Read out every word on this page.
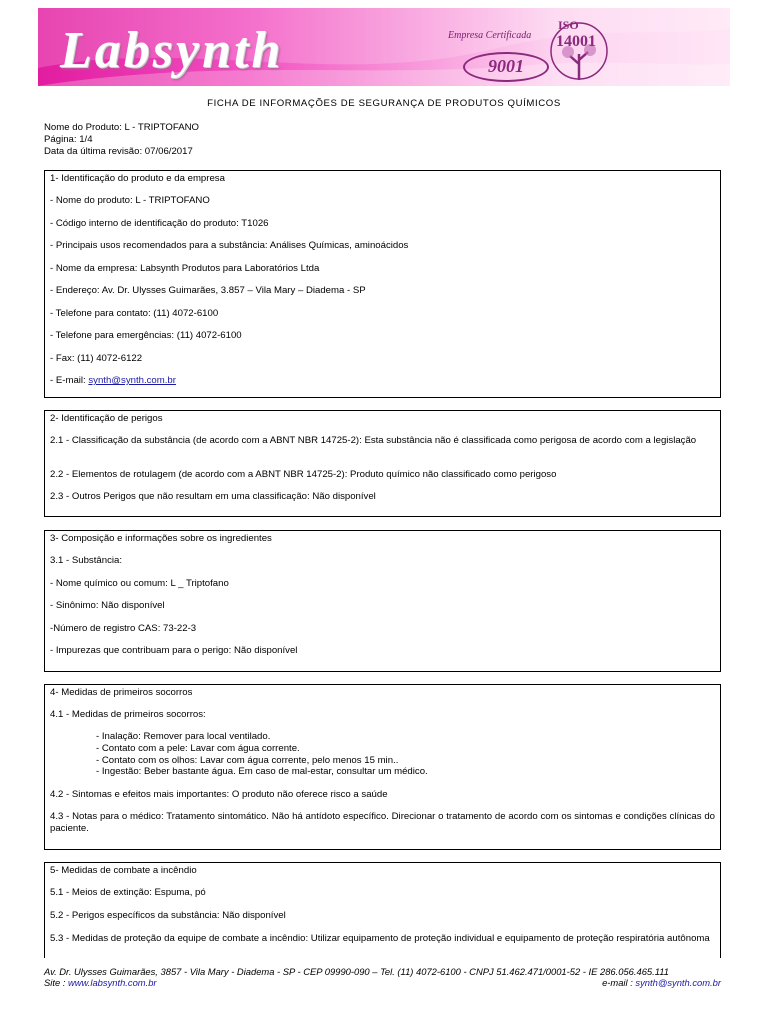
Labsynth	Empresa Certificada
9001
ISO
14001
FICHA DE INFORMAÇÕES DE SEGURANÇA DE PRODUTOS QUÍMICOS
Nome do Produto: L - TRIPTOFANO
Página: 1/4
Data da última revisão: 07/06/2017
1- Identificação do produto e da empresa
- Nome do produto: L - TRIPTOFANO
- Código interno de identificação do produto: T1026
- Principais usos recomendados para a substância: Análises Químicas, aminoácidos
- Nome da empresa: Labsynth Produtos para Laboratórios Ltda
- Endereço: Av. Dr. Ulysses Guimarães, 3.857 – Vila Mary – Diadema - SP
- Telefone para contato: (11) 4072-6100
- Telefone para emergências: (11) 4072-6100
- Fax: (11) 4072-6122
- E-mail: synth@synth.com.br
2- Identificação de perigos
2.1 - Classificação da substância (de acordo com a ABNT NBR 14725-2): Esta substância não é classificada como perigosa de acordo com a legislação
2.2 - Elementos de rotulagem (de acordo com a ABNT NBR 14725-2): Produto químico não classificado como perigoso
2.3 - Outros Perigos que não resultam em uma classificação: Não disponível
3- Composição e informações sobre os ingredientes
3.1 - Substância:
- Nome químico ou comum: L _ Triptofano
- Sinônimo: Não disponível
-Número de registro CAS: 73-22-3
- Impurezas que contribuam para o perigo: Não disponível
4- Medidas de primeiros socorros
4.1 - Medidas de primeiros socorros:
- Inalação: Remover para local ventilado.
- Contato com a pele: Lavar com água corrente.
- Contato com os olhos: Lavar com água corrente, pelo menos 15 min..
- Ingestão: Beber bastante água. Em caso de mal-estar, consultar um médico.
4.2 - Sintomas e efeitos mais importantes: O produto não oferece risco a saúde
4.3 - Notas para o médico: Tratamento sintomático. Não há antídoto específico. Direcionar o tratamento de acordo com os sintomas e condições clínicas do paciente.
5- Medidas de combate a incêndio
5.1 - Meios de extinção: Espuma, pó
5.2 - Perigos específicos da substância: Não disponível
5.3 - Medidas de proteção da equipe de combate a incêndio: Utilizar equipamento de proteção individual e equipamento de proteção respiratória autônoma
Av. Dr. Ulysses Guimarães, 3857 - Vila Mary - Diadema - SP - CEP 09990-090 – Tel. (11) 4072-6100 - CNPJ 51.462.471/0001-52 - IE 286.056.465.111
Site : www.labsynth.com.br	e-mail : synth@synth.com.br
